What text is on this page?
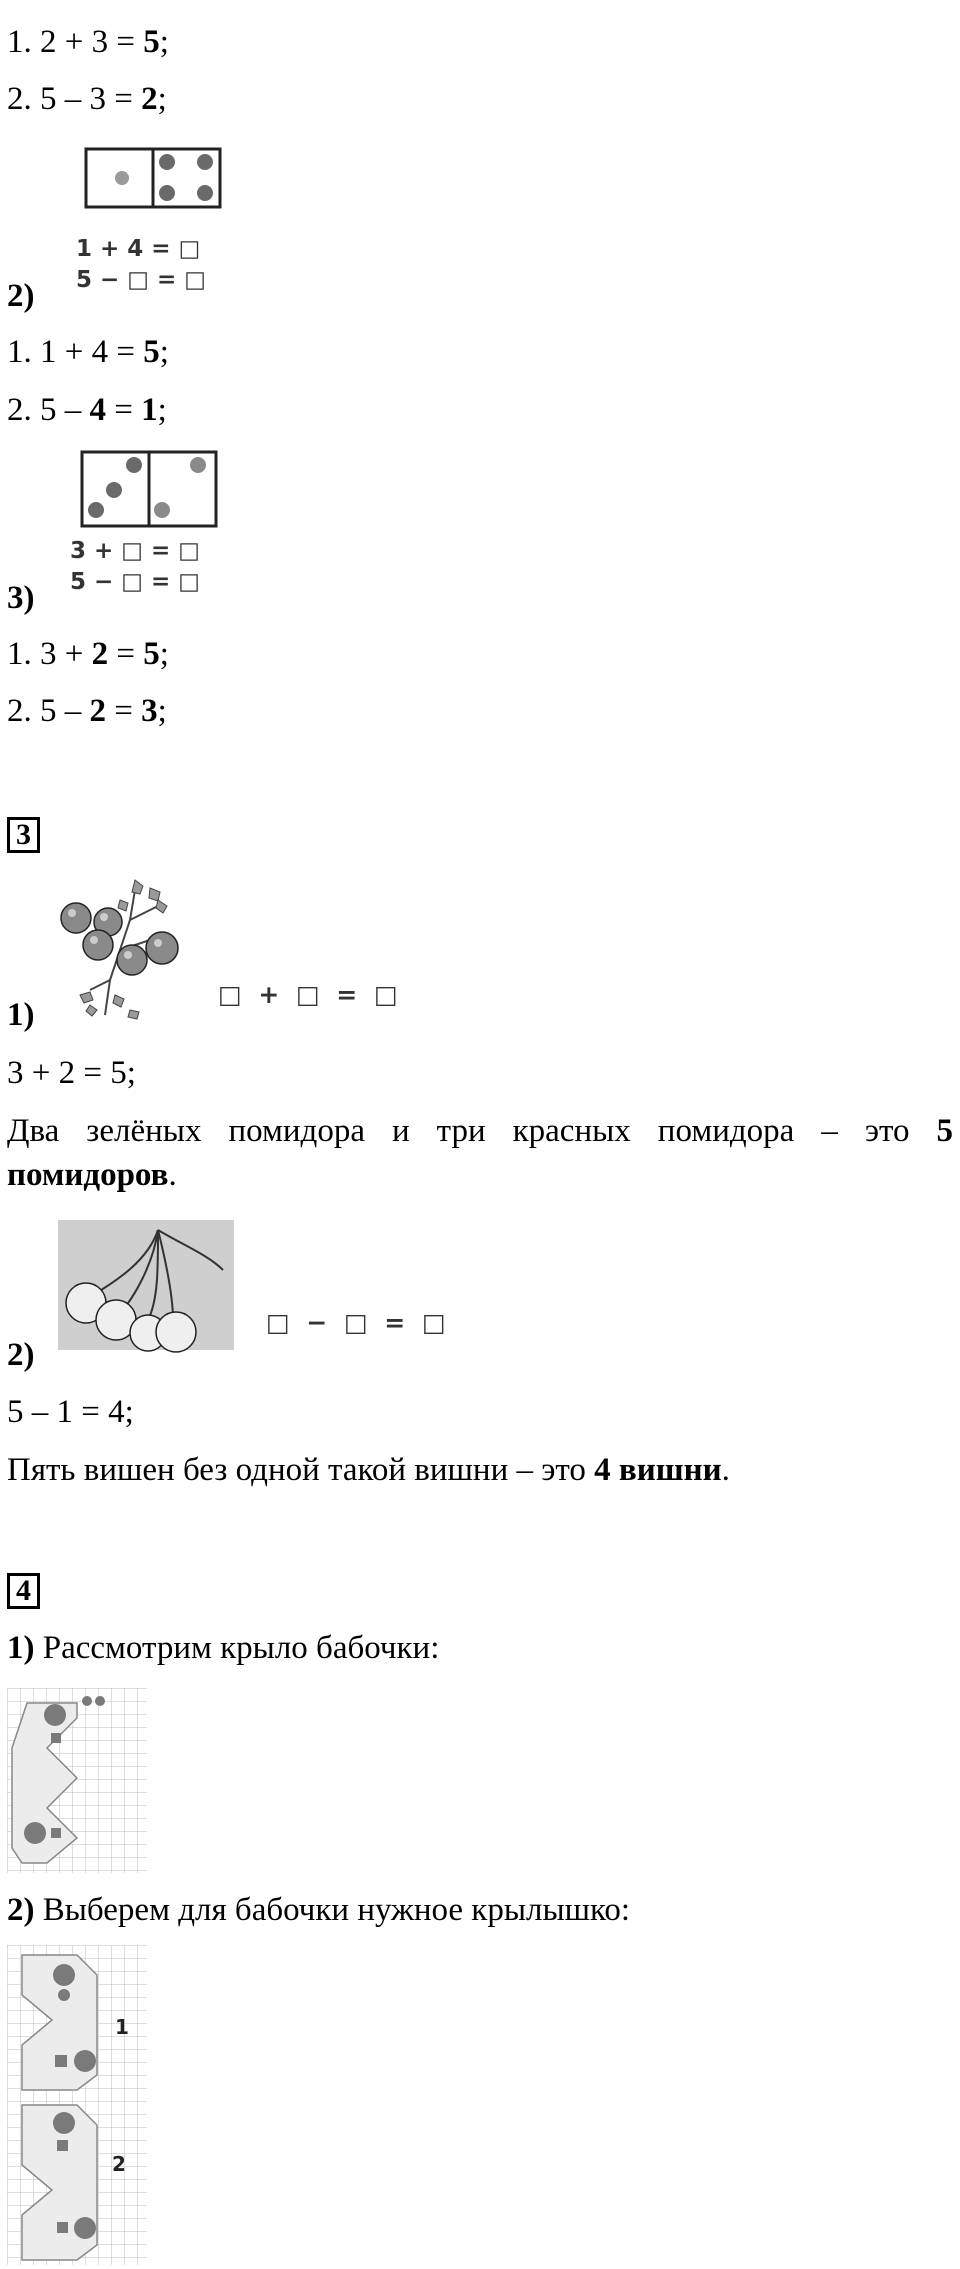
1. 2 + 3 = 5;
2. 5 – 3 = 2;
1 + 4 = □
5 − □ = □
2)
1. 1 + 4 = 5;
2. 5 – 4 = 1;
3 + □ = □
5 − □ = □
3)
1. 3 + 2 = 5;
2. 5 – 2 = 3;
3
□ + □ = □
1)
3 + 2 = 5;
Два зелёных помидора и три красных помидора – это 5 помидоров.
□ − □ = □
2)
5 – 1 = 4;
Пять вишен без одной такой вишни – это 4 вишни.
4
1) Рассмотрим крыло бабочки:
2) Выберем для бабочки нужное крылышко:
1
2
